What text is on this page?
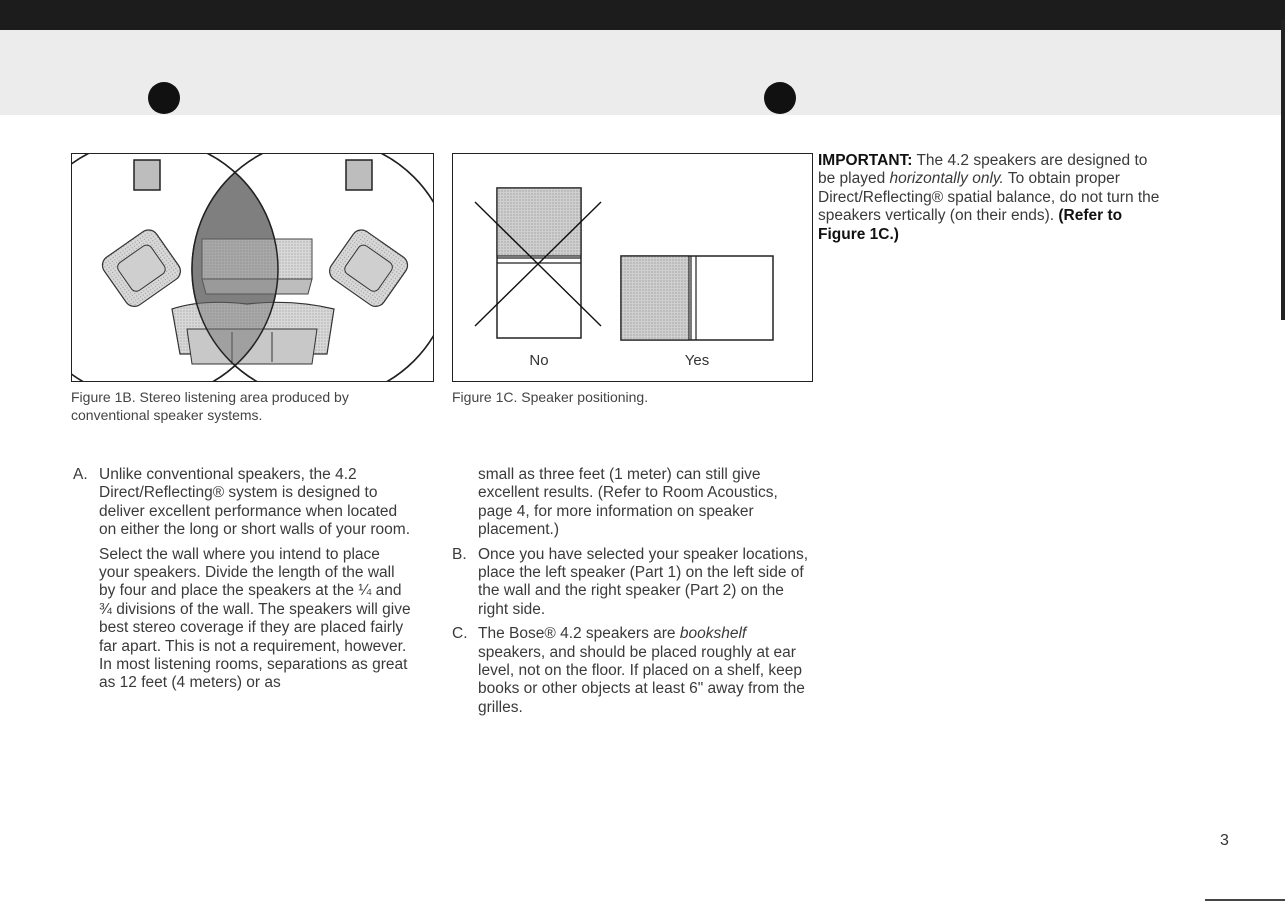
Figure 1B. Stereo listening area produced by conventional speaker systems.
No	Yes
Figure 1C. Speaker positioning.
IMPORTANT: The 4.2 speakers are designed to be played horizontally only. To obtain proper Direct/Reflecting® spatial balance, do not turn the speakers vertically (on their ends). (Refer to Figure 1C.)
A. Unlike conventional speakers, the 4.2 Direct/Reflecting® system is designed to deliver excellent performance when located on either the long or short walls of your room.

Select the wall where you intend to place your speakers. Divide the length of the wall by four and place the speakers at the ¼ and ¾ divisions of the wall. The speakers will give best stereo coverage if they are placed fairly far apart. This is not a requirement, however. In most listening rooms, separations as great as 12 feet (4 meters) or as

small as three feet (1 meter) can still give excellent results. (Refer to Room Acoustics, page 4, for more information on speaker placement.)

B. Once you have selected your speaker locations, place the left speaker (Part 1) on the left side of the wall and the right speaker (Part 2) on the right side.

C. The Bose® 4.2 speakers are bookshelf speakers, and should be placed roughly at ear level, not on the floor. If placed on a shelf, keep books or other objects at least 6" away from the grilles.

3
